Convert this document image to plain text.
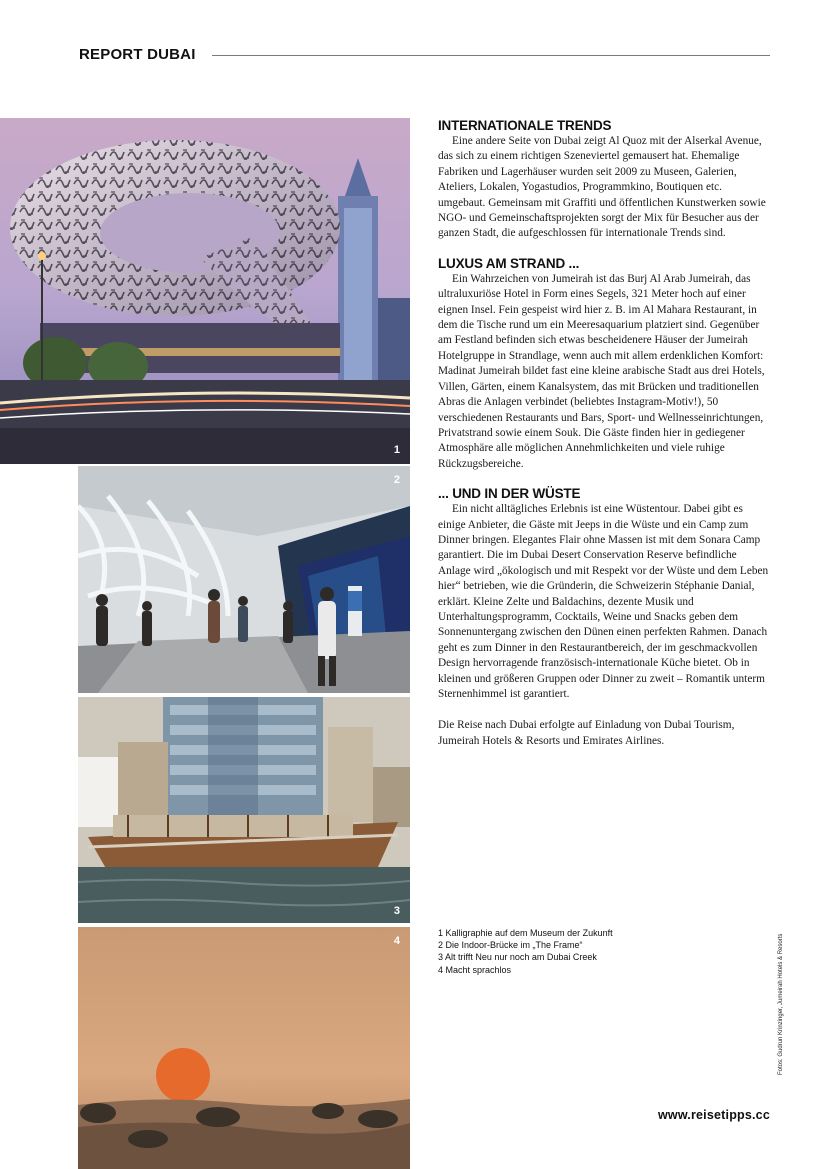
REPORT DUBAI
1
2
3
4
INTERNATIONALE TRENDS

Eine andere Seite von Dubai zeigt Al Quoz mit der Alserkal Avenue, das sich zu einem richtigen Szeneviertel gemausert hat. Ehemalige Fabriken und Lagerhäuser wurden seit 2009 zu Museen, Galerien, Ateliers, Lokalen, Yogastudios, Programmkino, Boutiquen etc. umgebaut. Gemeinsam mit Graffiti und öffentlichen Kunstwerken sowie NGO- und Gemeinschaftsprojekten sorgt der Mix für Besucher aus der ganzen Stadt, die aufgeschlossen für internationale Trends sind.

LUXUS AM STRAND ...

Ein Wahrzeichen von Jumeirah ist das Burj Al Arab Jumeirah, das ultraluxuriöse Hotel in Form eines Segels, 321 Meter hoch auf einer eignen Insel. Fein gespeist wird hier z. B. im Al Mahara Restaurant, in dem die Tische rund um ein Meeresaquarium platziert sind. Gegenüber am Festland befinden sich etwas bescheidenere Häuser der Jumeirah Hotelgruppe in Strandlage, wenn auch mit allem erdenklichen Komfort: Madinat Jumeirah bildet fast eine kleine arabische Stadt aus drei Hotels, Villen, Gärten, einem Kanalsystem, das mit Brücken und traditionellen Abras die Anlagen verbindet (beliebtes Instagram-Motiv!), 50 verschiedenen Restaurants und Bars, Sport- und Wellnesseinrichtungen, Privatstrand sowie einem Souk. Die Gäste finden hier in gediegener Atmosphäre alle möglichen Annehmlichkeiten und viele ruhige Rückzugsbereiche.

... UND IN DER WÜSTE

Ein nicht alltägliches Erlebnis ist eine Wüstentour. Dabei gibt es einige Anbieter, die Gäste mit Jeeps in die Wüste und ein Camp zum Dinner bringen. Elegantes Flair ohne Massen ist mit dem Sonara Camp garantiert. Die im Dubai Desert Conservation Reserve befindliche Anlage wird „ökologisch und mit Respekt vor der Wüste und dem Leben hier“ betrieben, wie die Gründerin, die Schweizerin Stéphanie Danial, erklärt. Kleine Zelte und Baldachins, dezente Musik und Unterhaltungsprogramm, Cocktails, Weine und Snacks geben dem Sonnenuntergang zwischen den Dünen einen perfekten Rahmen. Danach geht es zum Dinner in den Restaurantbereich, der im geschmackvollen Design hervorragende französisch-internationale Küche bietet. Ob in kleinen und größeren Gruppen oder Dinner zu zweit – Romantik unterm Sternenhimmel ist garantiert.

Die Reise nach Dubai erfolgte auf Einladung von Dubai Tourism, Jumeirah Hotels & Resorts und Emirates Airlines.

1 Kalligraphie auf dem Museum der Zukunft
2 Die Indoor-Brücke im „The Frame“
3 Alt trifft Neu nur noch am Dubai Creek
4 Macht sprachlos	Fotos: Gudrun Krinzinger, Jumeirah Hotels & Resorts
www.reisetipps.cc
